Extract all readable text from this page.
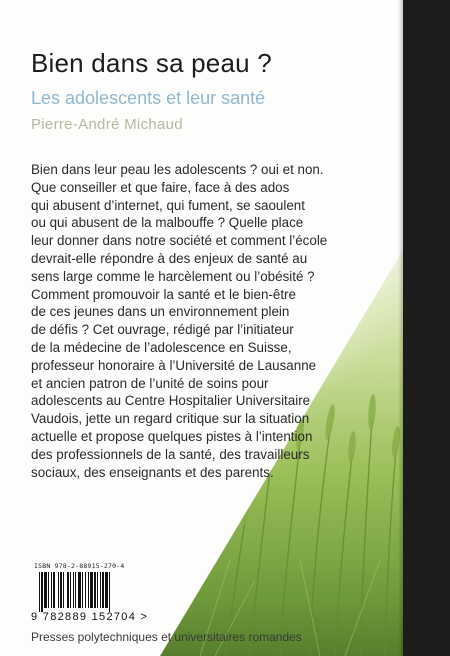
Bien dans sa peau ?
Les adolescents et leur santé
Pierre-André Michaud
Bien dans leur peau les adolescents ? oui et non.
Que conseiller et que faire, face à des ados
qui abusent d’internet, qui fument, se saoulent
ou qui abusent de la malbouffe ? Quelle place
leur donner dans notre société et comment l’école
devrait-elle répondre à des enjeux de santé au
sens large comme le harcèlement ou l’obésité ?
Comment promouvoir la santé et le bien-être
de ces jeunes dans un environnement plein
de défis ? Cet ouvrage, rédigé par l’initiateur
de la médecine de l’adolescence en Suisse,
professeur honoraire à l’Université de Lausanne
et ancien patron de l’unité de soins pour
adolescents au Centre Hospitalier Universitaire
Vaudois, jette un regard critique sur la situation
actuelle et propose quelques pistes à l’intention
des professionnels de la santé, des travailleurs
sociaux, des enseignants et des parents.
ISBN 978-2-88915-270-4
9 782889 152704 >
Presses polytechniques et universitaires romandes
